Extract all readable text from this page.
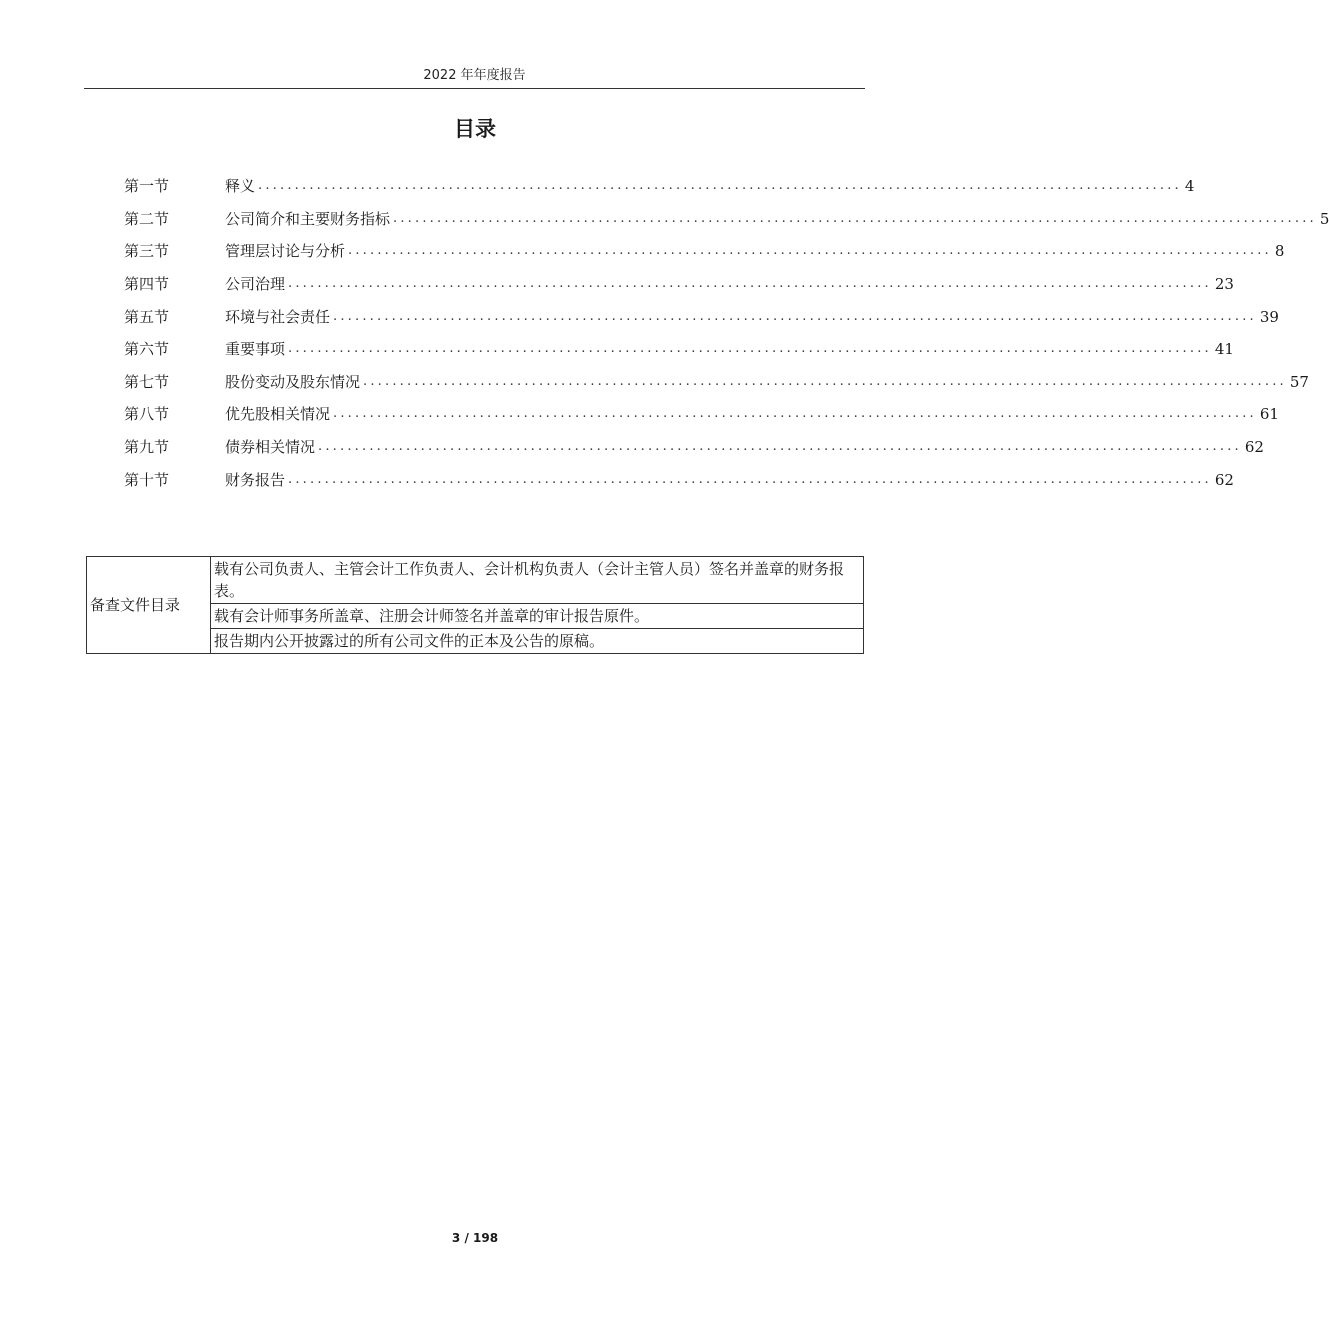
2022 年年度报告
目录
第一节	释义 .............................................................................................................................. 4
第二节	公司简介和主要财务指标 .............................................................................................................................. 5
第三节	管理层讨论与分析 .............................................................................................................................. 8
第四节	公司治理 .............................................................................................................................. 23
第五节	环境与社会责任 .............................................................................................................................. 39
第六节	重要事项 .............................................................................................................................. 41
第七节	股份变动及股东情况 .............................................................................................................................. 57
第八节	优先股相关情况 .............................................................................................................................. 61
第九节	债券相关情况 .............................................................................................................................. 62
第十节	财务报告 .............................................................................................................................. 62
备查文件目录	载有公司负责人、主管会计工作负责人、会计机构负责人（会计主管人员）签名并盖章的财务报表。
载有会计师事务所盖章、注册会计师签名并盖章的审计报告原件。
报告期内公开披露过的所有公司文件的正本及公告的原稿。
3 / 198
